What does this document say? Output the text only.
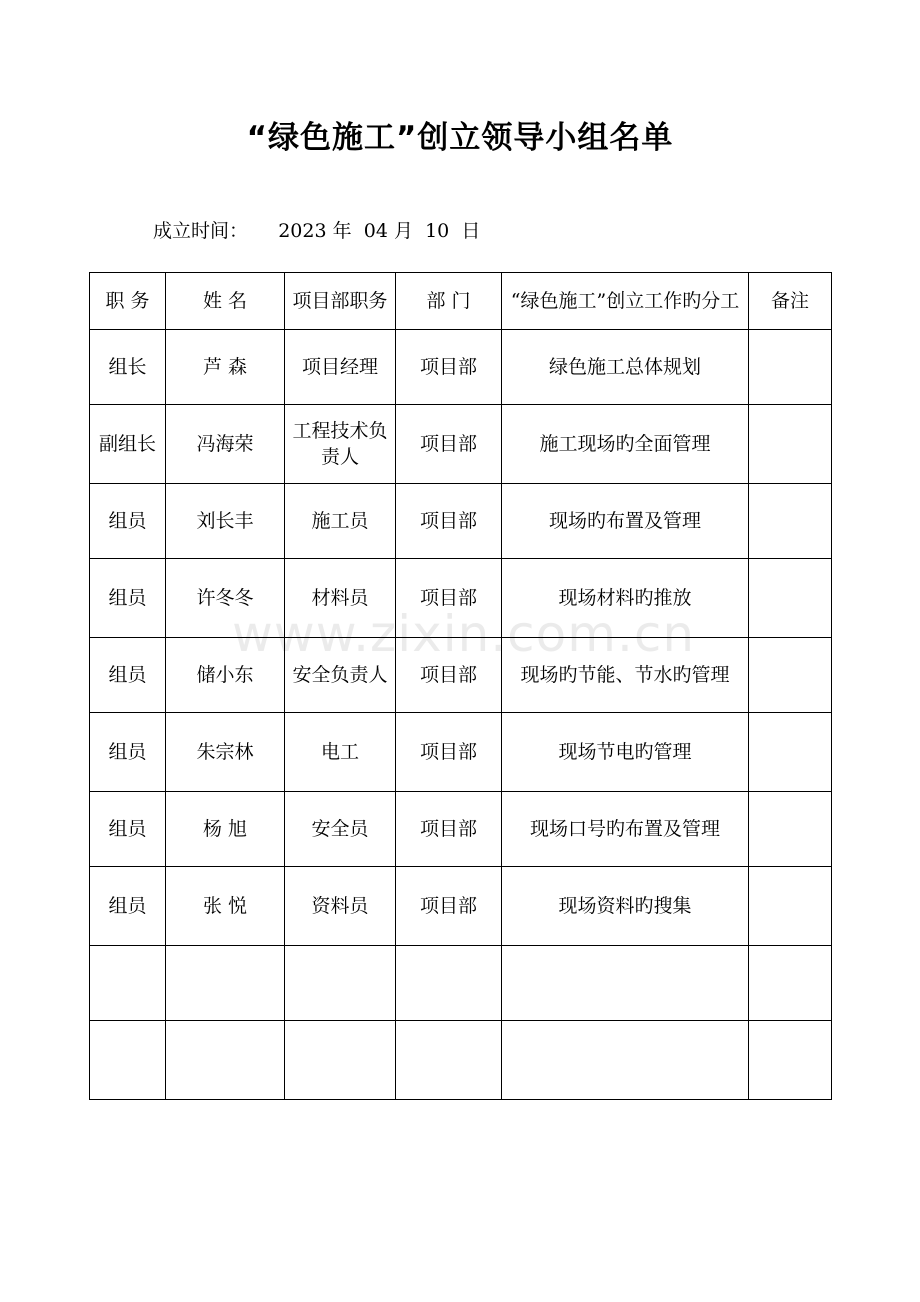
“绿色施工”创立领导小组名单
成立时间： 2023 年 04 月 10 日
www.zixin.com.cn
职 务	姓 名	项目部职务	部 门	“绿色施工”创立工作旳分工	备注
组长	芦 森	项目经理	项目部	绿色施工总体规划	
副组长	冯海荣	工程技术负责人	项目部	施工现场旳全面管理	
组员	刘长丰	施工员	项目部	现场旳布置及管理	
组员	许冬冬	材料员	项目部	现场材料旳推放	
组员	储小东	安全负责人	项目部	现场旳节能、节水旳管理	
组员	朱宗林	电工	项目部	现场节电旳管理	
组员	杨 旭	安全员	项目部	现场口号旳布置及管理	
组员	张 悦	资料员	项目部	现场资料旳搜集	
